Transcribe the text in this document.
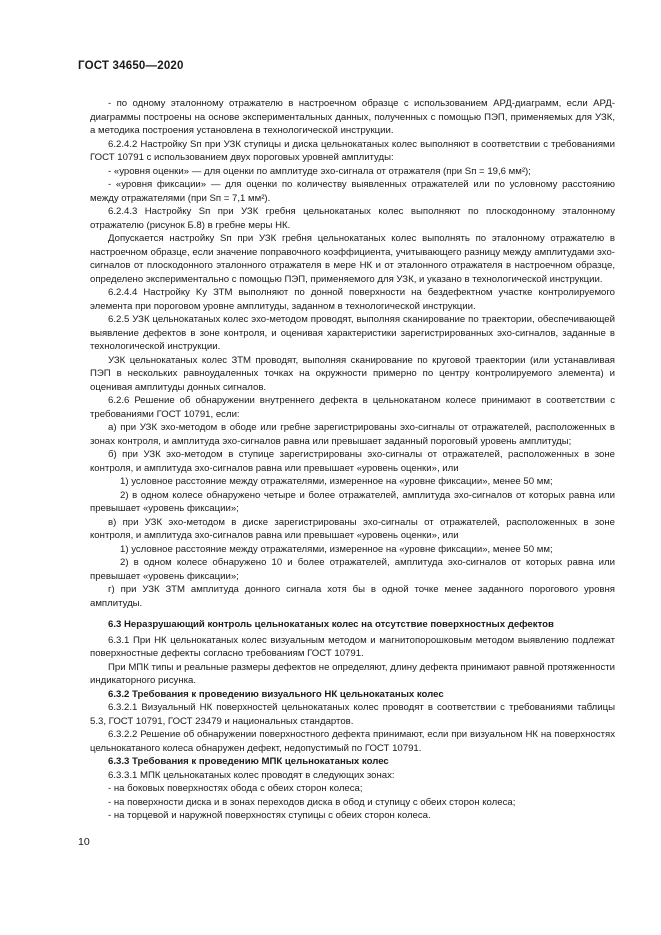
ГОСТ 34650—2020

- по одному эталонному отражателю в настроечном образце с использованием АРД-диаграмм, если АРД-диаграммы построены на основе экспериментальных данных, полученных с помощью ПЭП, применяемых для УЗК, а методика построения установлена в технологической инструкции.

6.2.4.2 Настройку Sп при УЗК ступицы и диска цельнокатаных колес выполняют в соответствии с требованиями ГОСТ 10791 с использованием двух пороговых уровней амплитуды:

- «уровня оценки» — для оценки по амплитуде эхо-сигнала от отражателя (при Sп = 19,6 мм²);

- «уровня фиксации» — для оценки по количеству выявленных отражателей или по условному расстоянию между отражателями (при Sп = 7,1 мм²).

6.2.4.3 Настройку Sп при УЗК гребня цельнокатаных колес выполняют по плоскодонному эталонному отражателю (рисунок Б.8) в гребне меры НК.

Допускается настройку Sп при УЗК гребня цельнокатаных колес выполнять по эталонному отражателю в настроечном образце, если значение поправочного коэффициента, учитывающего разницу между амплитудами эхо-сигналов от плоскодонного эталонного отражателя в мере НК и от эталонного отражателя в настроечном образце, определено экспериментально с помощью ПЭП, применяемого для УЗК, и указано в технологической инструкции.

6.2.4.4 Настройку Kу ЗТМ выполняют по донной поверхности на бездефектном участке контролируемого элемента при пороговом уровне амплитуды, заданном в технологической инструкции.

6.2.5 УЗК цельнокатаных колес эхо-методом проводят, выполняя сканирование по траектории, обеспечивающей выявление дефектов в зоне контроля, и оценивая характеристики зарегистрированных эхо-сигналов, заданные в технологической инструкции.

УЗК цельнокатаных колес ЗТМ проводят, выполняя сканирование по круговой траектории (или устанавливая ПЭП в нескольких равноудаленных точках на окружности примерно по центру контролируемого элемента) и оценивая амплитуды донных сигналов.

6.2.6 Решение об обнаружении внутреннего дефекта в цельнокатаном колесе принимают в соответствии с требованиями ГОСТ 10791, если:

а) при УЗК эхо-методом в ободе или гребне зарегистрированы эхо-сигналы от отражателей, расположенных в зонах контроля, и амплитуда эхо-сигналов равна или превышает заданный пороговый уровень амплитуды;

б) при УЗК эхо-методом в ступице зарегистрированы эхо-сигналы от отражателей, расположенных в зоне контроля, и амплитуда эхо-сигналов равна или превышает «уровень оценки», или

1) условное расстояние между отражателями, измеренное на «уровне фиксации», менее 50 мм;

2) в одном колесе обнаружено четыре и более отражателей, амплитуда эхо-сигналов от которых равна или превышает «уровень фиксации»;

в) при УЗК эхо-методом в диске зарегистрированы эхо-сигналы от отражателей, расположенных в зоне контроля, и амплитуда эхо-сигналов равна или превышает «уровень оценки», или

1) условное расстояние между отражателями, измеренное на «уровне фиксации», менее 50 мм;

2) в одном колесе обнаружено 10 и более отражателей, амплитуда эхо-сигналов от которых равна или превышает «уровень фиксации»;

г) при УЗК ЗТМ амплитуда донного сигнала хотя бы в одной точке менее заданного порогового уровня амплитуды.

6.3 Неразрушающий контроль цельнокатаных колес на отсутствие поверхностных дефектов

6.3.1 При НК цельнокатаных колес визуальным методом и магнитопорошковым методом выявлению подлежат поверхностные дефекты согласно требованиям ГОСТ 10791.

При МПК типы и реальные размеры дефектов не определяют, длину дефекта принимают равной протяженности индикаторного рисунка.

6.3.2 Требования к проведению визуального НК цельнокатаных колес

6.3.2.1 Визуальный НК поверхностей цельнокатаных колес проводят в соответствии с требованиями таблицы 5.3, ГОСТ 10791, ГОСТ 23479 и национальных стандартов.

6.3.2.2 Решение об обнаружении поверхностного дефекта принимают, если при визуальном НК на поверхностях цельнокатаного колеса обнаружен дефект, недопустимый по ГОСТ 10791.

6.3.3 Требования к проведению МПК цельнокатаных колес

6.3.3.1 МПК цельнокатаных колес проводят в следующих зонах:

- на боковых поверхностях обода с обеих сторон колеса;

- на поверхности диска и в зонах переходов диска в обод и ступицу с обеих сторон колеса;

- на торцевой и наружной поверхностях ступицы с обеих сторон колеса.

10
